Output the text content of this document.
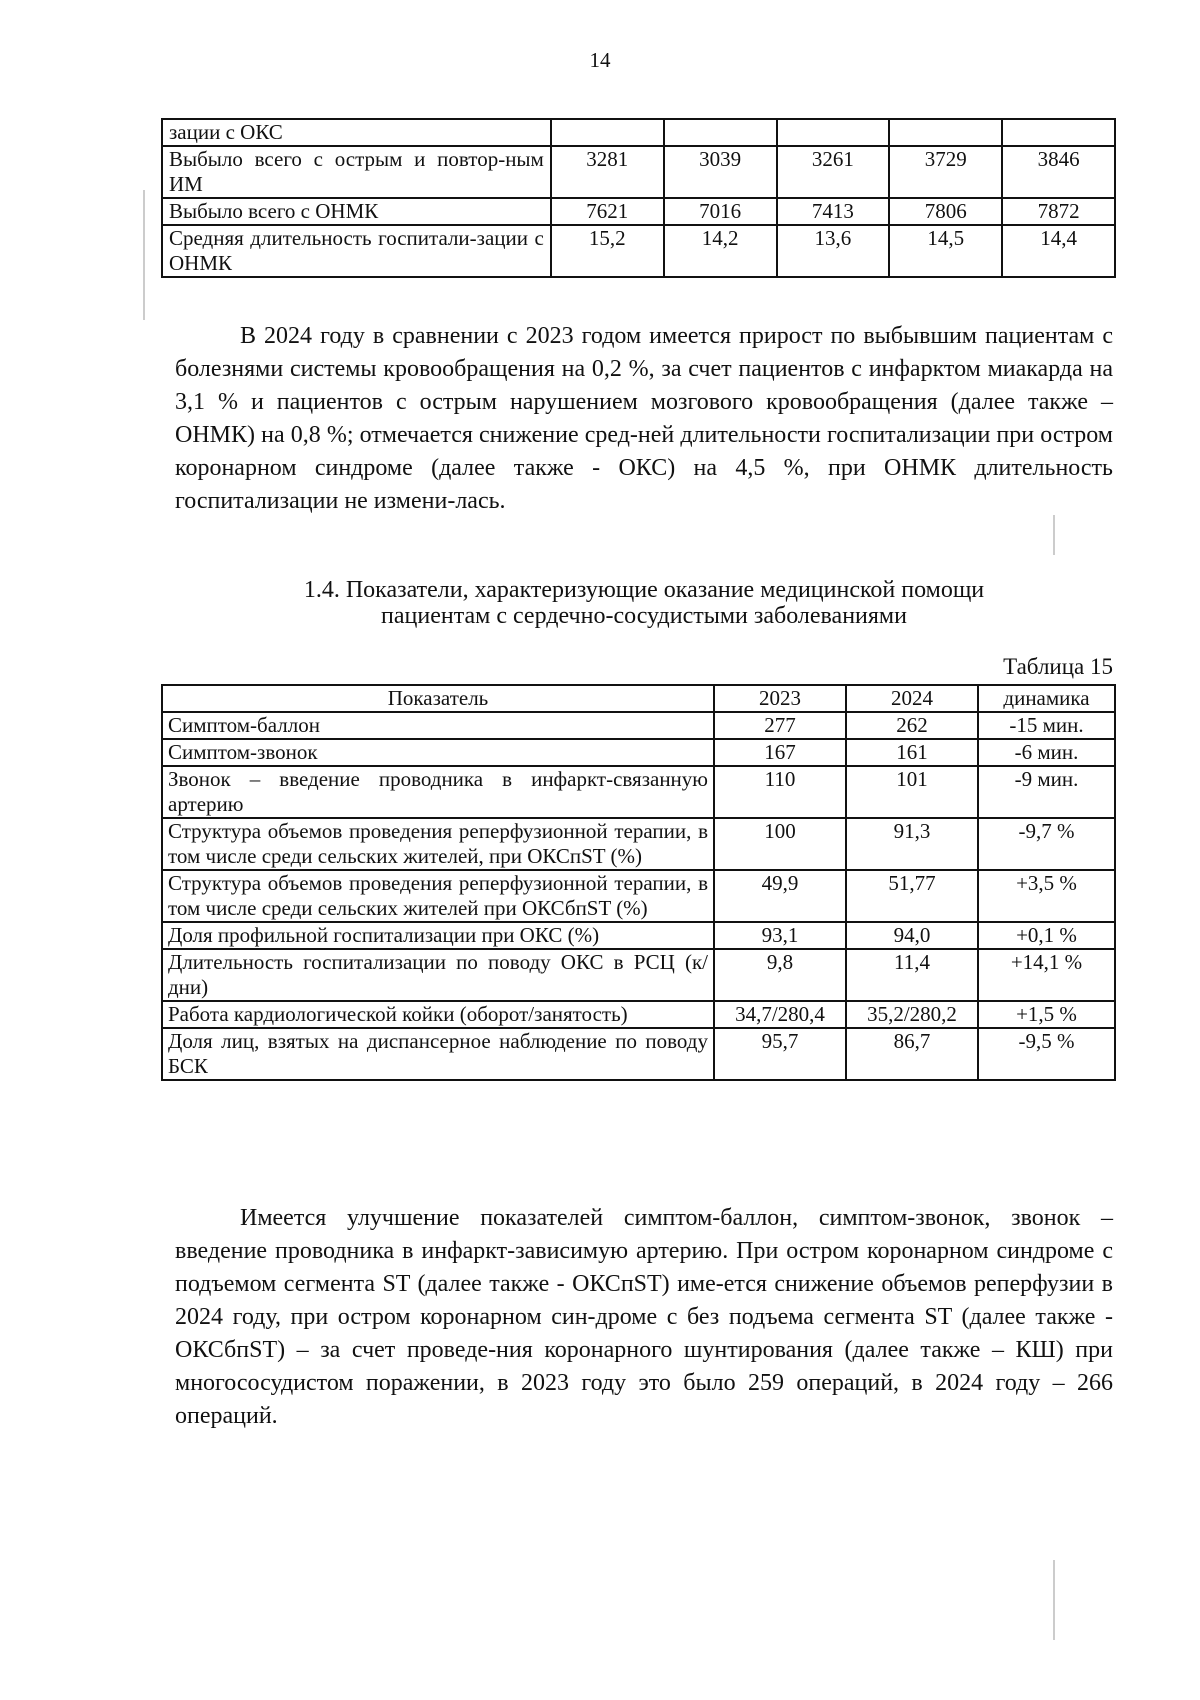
14
зации с ОКС					
Выбыло всего с острым и повтор-ным ИМ	3281	3039	3261	3729	3846
Выбыло всего с ОНМК	7621	7016	7413	7806	7872
Средняя длительность госпитали-зации с ОНМК	15,2	14,2	13,6	14,5	14,4

В 2024 году в сравнении с 2023 годом имеется прирост по выбывшим пациентам с болезнями системы кровообращения на 0,2 %, за счет пациентов с инфарктом миакарда на 3,1 % и пациентов с острым нарушением мозгового кровообращения (далее также – ОНМК) на 0,8 %; отмечается снижение сред-ней длительности госпитализации при остром коронарном синдроме (далее также - ОКС) на 4,5 %, при ОНМК длительность госпитализации не измени-лась.

1.4. Показатели, характеризующие оказание медицинской помощи
пациентам с сердечно-сосудистыми заболеваниями
Таблица 15
Показатель	2023	2024	динамика
Симптом-баллон	277	262	-15 мин.
Симптом-звонок	167	161	-6 мин.
Звонок – введение проводника в инфаркт-связанную артерию	110	101	-9 мин.
Структура объемов проведения реперфузионной терапии, в том числе среди сельских жителей, при ОКСпST (%)	100	91,3	-9,7 %
Структура объемов проведения реперфузионной терапии, в том числе среди сельских жителей при ОКСбпST (%)	49,9	51,77	+3,5 %
Доля профильной госпитализации при ОКС (%)	93,1	94,0	+0,1 %
Длительность госпитализации по поводу ОКС в РСЦ (к/дни)	9,8	11,4	+14,1 %
Работа кардиологической койки (оборот/занятость)	34,7/280,4	35,2/280,2	+1,5 %
Доля лиц, взятых на диспансерное наблюдение по поводу БСК	95,7	86,7	-9,5 %

Имеется улучшение показателей симптом-баллон, симптом-звонок, звонок – введение проводника в инфаркт-зависимую артерию. При остром коронарном синдроме с подъемом сегмента ST (далее также - ОКСпST) име-ется снижение объемов реперфузии в 2024 году, при остром коронарном син-дроме с без подъема сегмента ST (далее также - ОКСбпST) – за счет проведе-ния коронарного шунтирования (далее также – КШ) при многососудистом поражении, в 2023 году это было 259 операций, в 2024 году – 266 операций.
